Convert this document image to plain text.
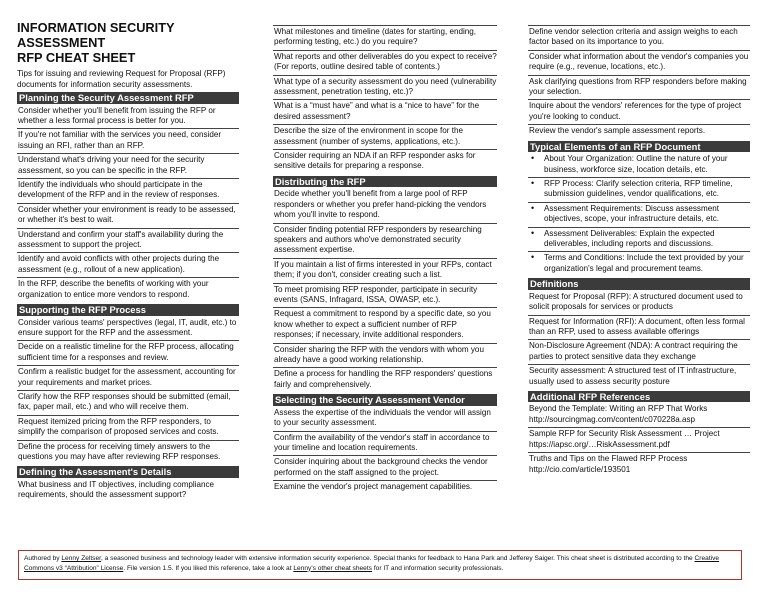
INFORMATION SECURITY ASSESSMENT
RFP CHEAT SHEET
Tips for issuing and reviewing Request for Proposal (RFP) documents for information security assessments.
Planning the Security Assessment RFP
Consider whether you'll benefit from issuing the RFP or whether a less formal process is better for you.
If you're not familiar with the services you need, consider issuing an RFI, rather than an RFP.
Understand what's driving your need for the security assessment, so you can be specific in the RFP.
Identify the individuals who should participate in the development of the RFP and in the review of responses.
Consider whether your environment is ready to be assessed, or whether it's best to wait.
Understand and confirm your staff's availability during the assessment to support the project.
Identify and avoid conflicts with other projects during the assessment (e.g., rollout of a new application).
In the RFP, describe the benefits of working with your organization to entice more vendors to respond.
Supporting the RFP Process
Consider various teams' perspectives (legal, IT, audit, etc.) to ensure support for the RFP and the assessment.
Decide on a realistic timeline for the RFP process, allocating sufficient time for a responses and review.
Confirm a realistic budget for the assessment, accounting for your requirements and market prices.
Clarify how the RFP responses should be submitted (email, fax, paper mail, etc.) and who will receive them.
Request itemized pricing from the RFP responders, to simplify the comparison of proposed services and costs.
Define the process for receiving timely answers to the questions you may have after reviewing RFP responses.
Defining the Assessment's Details
What business and IT objectives, including compliance requirements, should the assessment support?
What milestones and timeline (dates for starting, ending, performing testing, etc.) do you require?
What reports and other deliverables do you expect to receive? (For reports, outline desired table of contents.)
What type of a security assessment do you need (vulnerability assessment, penetration testing, etc.)?
What is a “must have” and what is a “nice to have” for the desired assessment?
Describe the size of the environment in scope for the assessment (number of systems, applications, etc.).
Consider requiring an NDA if an RFP responder asks for sensitive details for preparing a response.
Distributing the RFP
Decide whether you'll benefit from a large pool of RFP responders or whether you prefer hand-picking the vendors whom you'll invite to respond.
Consider finding potential RFP responders by researching speakers and authors who've demonstrated security assessment expertise.
If you maintain a list of firms interested in your RFPs, contact them; if you don't, consider creating such a list.
To meet promising RFP responder, participate in security events (SANS, Infragard, ISSA, OWASP, etc.).
Request a commitment to respond by a specific date, so you know whether to expect a sufficient number of RFP responses; if necessary, invite additional responders.
Consider sharing the RFP with the vendors with whom you already have a good working relationship.
Define a process for handling the RFP responders' questions fairly and comprehensively.
Selecting the Security Assessment Vendor
Assess the expertise of the individuals the vendor will assign to your security assessment.
Confirm the availability of the vendor's staff in accordance to your timeline and location requirements.
Consider inquiring about the background checks the vendor performed on the staff assigned to the project.
Examine the vendor's project management capabilities.
Define vendor selection criteria and assign weighs to each factor based on its importance to you.
Consider what information about the vendor's companies you require (e.g., revenue, locations, etc.).
Ask clarifying questions from RFP responders before making your selection.
Inquire about the vendors' references for the type of project you're looking to conduct.
Review the vendor's sample assessment reports.
Typical Elements of an RFP Document
• About Your Organization: Outline the nature of your business, workforce size, location details, etc.
• RFP Process: Clarify selection criteria, RFP timeline, submission guidelines, vendor qualifications, etc.
• Assessment Requirements: Discuss assessment objectives, scope, your infrastructure details, etc.
• Assessment Deliverables: Explain the expected deliverables, including reports and discussions.
• Terms and Conditions: Include the text provided by your organization's legal and procurement teams.
Definitions
Request for Proposal (RFP): A structured document used to solicit proposals for services or products
Request for Information (RFI): A document, often less formal than an RFP, used to assess available offerings
Non-Disclosure Agreement (NDA): A contract requiring the parties to protect sensitive data they exchange
Security assessment: A structured test of IT infrastructure, usually used to assess security posture
Additional RFP References
Beyond the Template: Writing an RFP That Works http://sourcingmag.com/content/c070228a.asp
Sample RFP for Security Risk Assessment … Project https://iapsc.org/…RiskAssessment.pdf
Truths and Tips on the Flawed RFP Process http://cio.com/article/193501
Authored by Lenny Zeltser, a seasoned business and technology leader with extensive information security experience. Special thanks for feedback to Hana Park and Jefferey Saiger. This cheat sheet is distributed according to the Creative Commons v3 “Attribution” License. File version 1.5. If you liked this reference, take a look at Lenny's other cheat sheets for IT and information security professionals.
